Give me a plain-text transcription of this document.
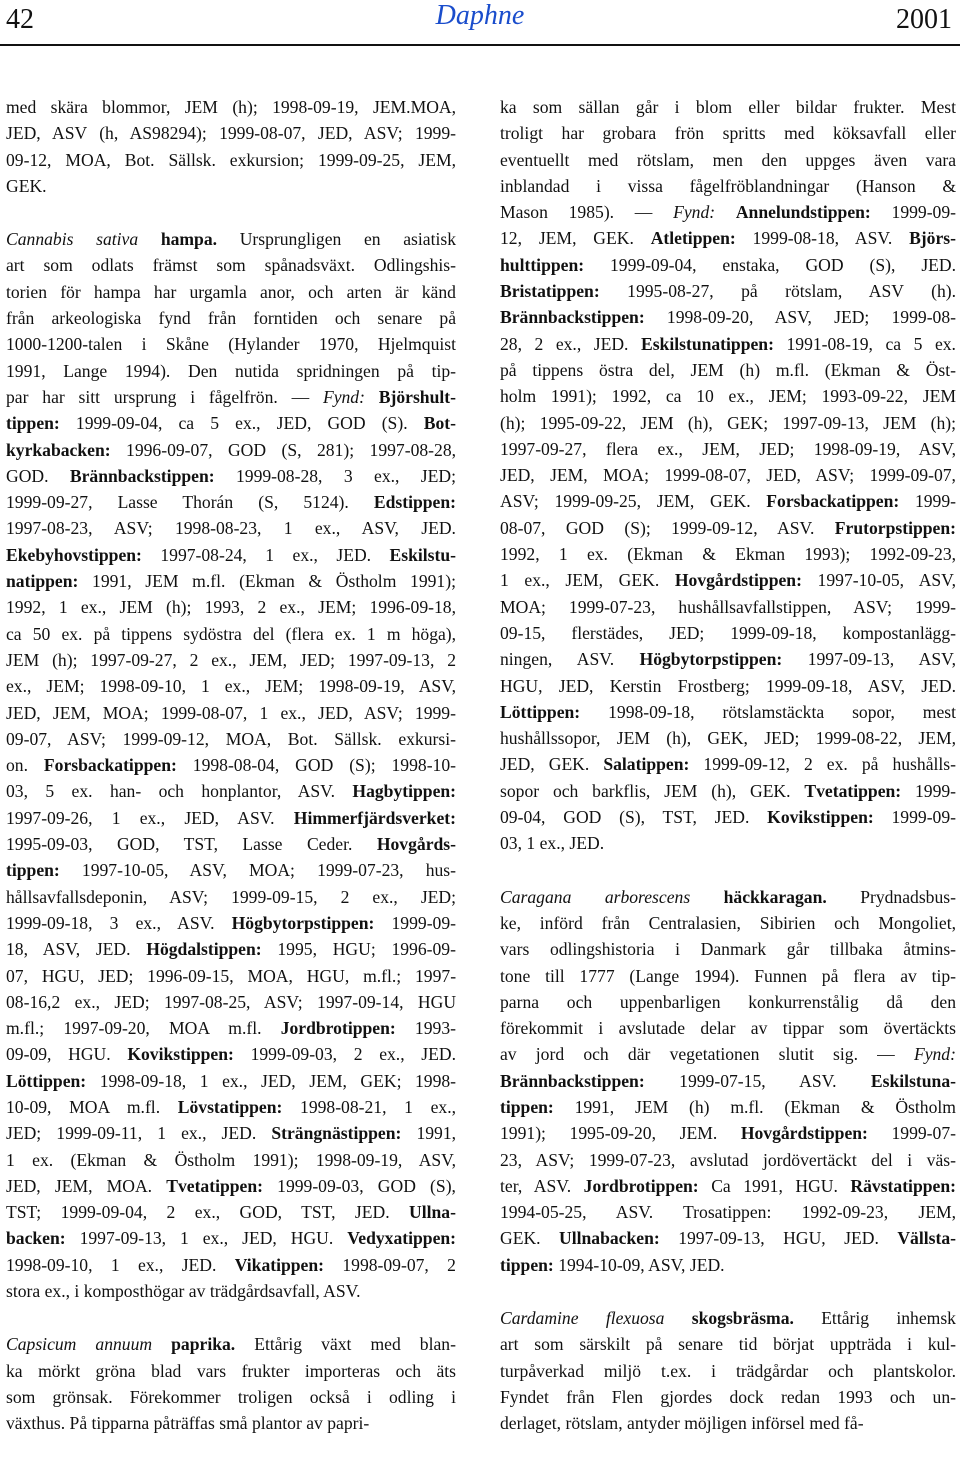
Daphne
42	2001

med skära blommor, JEM (h); 1998-09-19, JEM.MOA,
JED, ASV (h, AS98294); 1999-08-07, JED, ASV; 1999-
09-12, MOA, Bot. Sällsk. exkursion; 1999-09-25, JEM,
GEK.

Cannabis sativa hampa. Ursprungligen en asiatisk
art som odlats främst som spånadsväxt. Odlingshis-
torien för hampa har urgamla anor, och arten är känd
från arkeologiska fynd från forntiden och senare på
1000-1200-talen i Skåne (Hylander 1970, Hjelmquist
1991, Lange 1994). Den nutida spridningen på tip-
par har sitt ursprung i fågelfrön. — Fynd: Björshult-
tippen: 1999-09-04, ca 5 ex., JED, GOD (S). Bot-
kyrkabacken: 1996-09-07, GOD (S, 281); 1997-08-28,
GOD. Brännbackstippen: 1999-08-28, 3 ex., JED;
1999-09-27, Lasse Thorán (S, 5124). Edstippen:
1997-08-23, ASV; 1998-08-23, 1 ex., ASV, JED.
Ekebyhovstippen: 1997-08-24, 1 ex., JED. Eskilstu-
natippen: 1991, JEM m.fl. (Ekman & Östholm 1991);
1992, 1 ex., JEM (h); 1993, 2 ex., JEM; 1996-09-18,
ca 50 ex. på tippens sydöstra del (flera ex. 1 m höga),
JEM (h); 1997-09-27, 2 ex., JEM, JED; 1997-09-13, 2
ex., JEM; 1998-09-10, 1 ex., JEM; 1998-09-19, ASV,
JED, JEM, MOA; 1999-08-07, 1 ex., JED, ASV; 1999-
09-07, ASV; 1999-09-12, MOA, Bot. Sällsk. exkursi-
on. Forsbackatippen: 1998-08-04, GOD (S); 1998-10-
03, 5 ex. han- och honplantor, ASV. Hagbytippen:
1997-09-26, 1 ex., JED, ASV. Himmerfjärdsverket:
1995-09-03, GOD, TST, Lasse Ceder. Hovgårds-
tippen: 1997-10-05, ASV, MOA; 1999-07-23, hus-
hållsavfallsdeponin, ASV; 1999-09-15, 2 ex., JED;
1999-09-18, 3 ex., ASV. Högbytorpstippen: 1999-09-
18, ASV, JED. Högdalstippen: 1995, HGU; 1996-09-
07, HGU, JED; 1996-09-15, MOA, HGU, m.fl.; 1997-
08-16,2 ex., JED; 1997-08-25, ASV; 1997-09-14, HGU
m.fl.; 1997-09-20, MOA m.fl. Jordbrotippen: 1993-
09-09, HGU. Kovikstippen: 1999-09-03, 2 ex., JED.
Löttippen: 1998-09-18, 1 ex., JED, JEM, GEK; 1998-
10-09, MOA m.fl. Lövstatippen: 1998-08-21, 1 ex.,
JED; 1999-09-11, 1 ex., JED. Strängnästippen: 1991,
1 ex. (Ekman & Östholm 1991); 1998-09-19, ASV,
JED, JEM, MOA. Tvetatippen: 1999-09-03, GOD (S),
TST; 1999-09-04, 2 ex., GOD, TST, JED. Ullna-
backen: 1997-09-13, 1 ex., JED, HGU. Vedyxatippen:
1998-09-10, 1 ex., JED. Vikatippen: 1998-09-07, 2
stora ex., i komposthögar av trädgårdsavfall, ASV.

Capsicum annuum paprika. Ettårig växt med blan-
ka mörkt gröna blad vars frukter importeras och äts
som grönsak. Förekommer troligen också i odling i
växthus. På tipparna påträffas små plantor av papri-

ka som sällan går i blom eller bildar frukter. Mest
troligt har grobara frön spritts med köksavfall eller
eventuellt med rötslam, men den uppges även vara
inblandad i vissa fågelfröblandningar (Hanson &
Mason 1985). — Fynd: Annelundstippen: 1999-09-
12, JEM, GEK. Atletippen: 1999-08-18, ASV. Björs-
hulttippen: 1999-09-04, enstaka, GOD (S), JED.
Bristatippen: 1995-08-27, på rötslam, ASV (h).
Brännbackstippen: 1998-09-20, ASV, JED; 1999-08-
28, 2 ex., JED. Eskilstunatippen: 1991-08-19, ca 5 ex.
på tippens östra del, JEM (h) m.fl. (Ekman & Öst-
holm 1991); 1992, ca 10 ex., JEM; 1993-09-22, JEM
(h); 1995-09-22, JEM (h), GEK; 1997-09-13, JEM (h);
1997-09-27, flera ex., JEM, JED; 1998-09-19, ASV,
JED, JEM, MOA; 1999-08-07, JED, ASV; 1999-09-07,
ASV; 1999-09-25, JEM, GEK. Forsbackatippen: 1999-
08-07, GOD (S); 1999-09-12, ASV. Frutorpstippen:
1992, 1 ex. (Ekman & Ekman 1993); 1992-09-23,
1 ex., JEM, GEK. Hovgårdstippen: 1997-10-05, ASV,
MOA; 1999-07-23, hushållsavfallstippen, ASV; 1999-
09-15, flerstädes, JED; 1999-09-18, kompostanlägg-
ningen, ASV. Högbytorpstippen: 1997-09-13, ASV,
HGU, JED, Kerstin Frostberg; 1999-09-18, ASV, JED.
Löttippen: 1998-09-18, rötslamstäckta sopor, mest
hushållssopor, JEM (h), GEK, JED; 1999-08-22, JEM,
JED, GEK. Salatippen: 1999-09-12, 2 ex. på hushålls-
sopor och barkflis, JEM (h), GEK. Tvetatippen: 1999-
09-04, GOD (S), TST, JED. Kovikstippen: 1999-09-
03, 1 ex., JED.

Caragana arborescens häckkaragan. Prydnadsbus-
ke, införd från Centralasien, Sibirien och Mongoliet,
vars odlingshistoria i Danmark går tillbaka åtmins-
tone till 1777 (Lange 1994). Funnen på flera av tip-
parna och uppenbarligen konkurrenstålig då den
förekommit i avslutade delar av tippar som övertäckts
av jord och där vegetationen slutit sig. — Fynd:
Brännbackstippen: 1999-07-15, ASV. Eskilstuna-
tippen: 1991, JEM (h) m.fl. (Ekman & Östholm
1991); 1995-09-20, JEM. Hovgårdstippen: 1999-07-
23, ASV; 1999-07-23, avslutad jordövertäckt del i väs-
ter, ASV. Jordbrotippen: Ca 1991, HGU. Rävstatippen:
1994-05-25, ASV. Trosatippen: 1992-09-23, JEM,
GEK. Ullnabacken: 1997-09-13, HGU, JED. Vällsta-
tippen: 1994-10-09, ASV, JED.

Cardamine flexuosa skogsbräsma. Ettårig inhemsk
art som särskilt på senare tid börjat uppträda i kul-
turpåverkad miljö t.ex. i trädgårdar och plantskolor.
Fyndet från Flen gjordes dock redan 1993 och un-
derlaget, rötslam, antyder möjligen införsel med få-
